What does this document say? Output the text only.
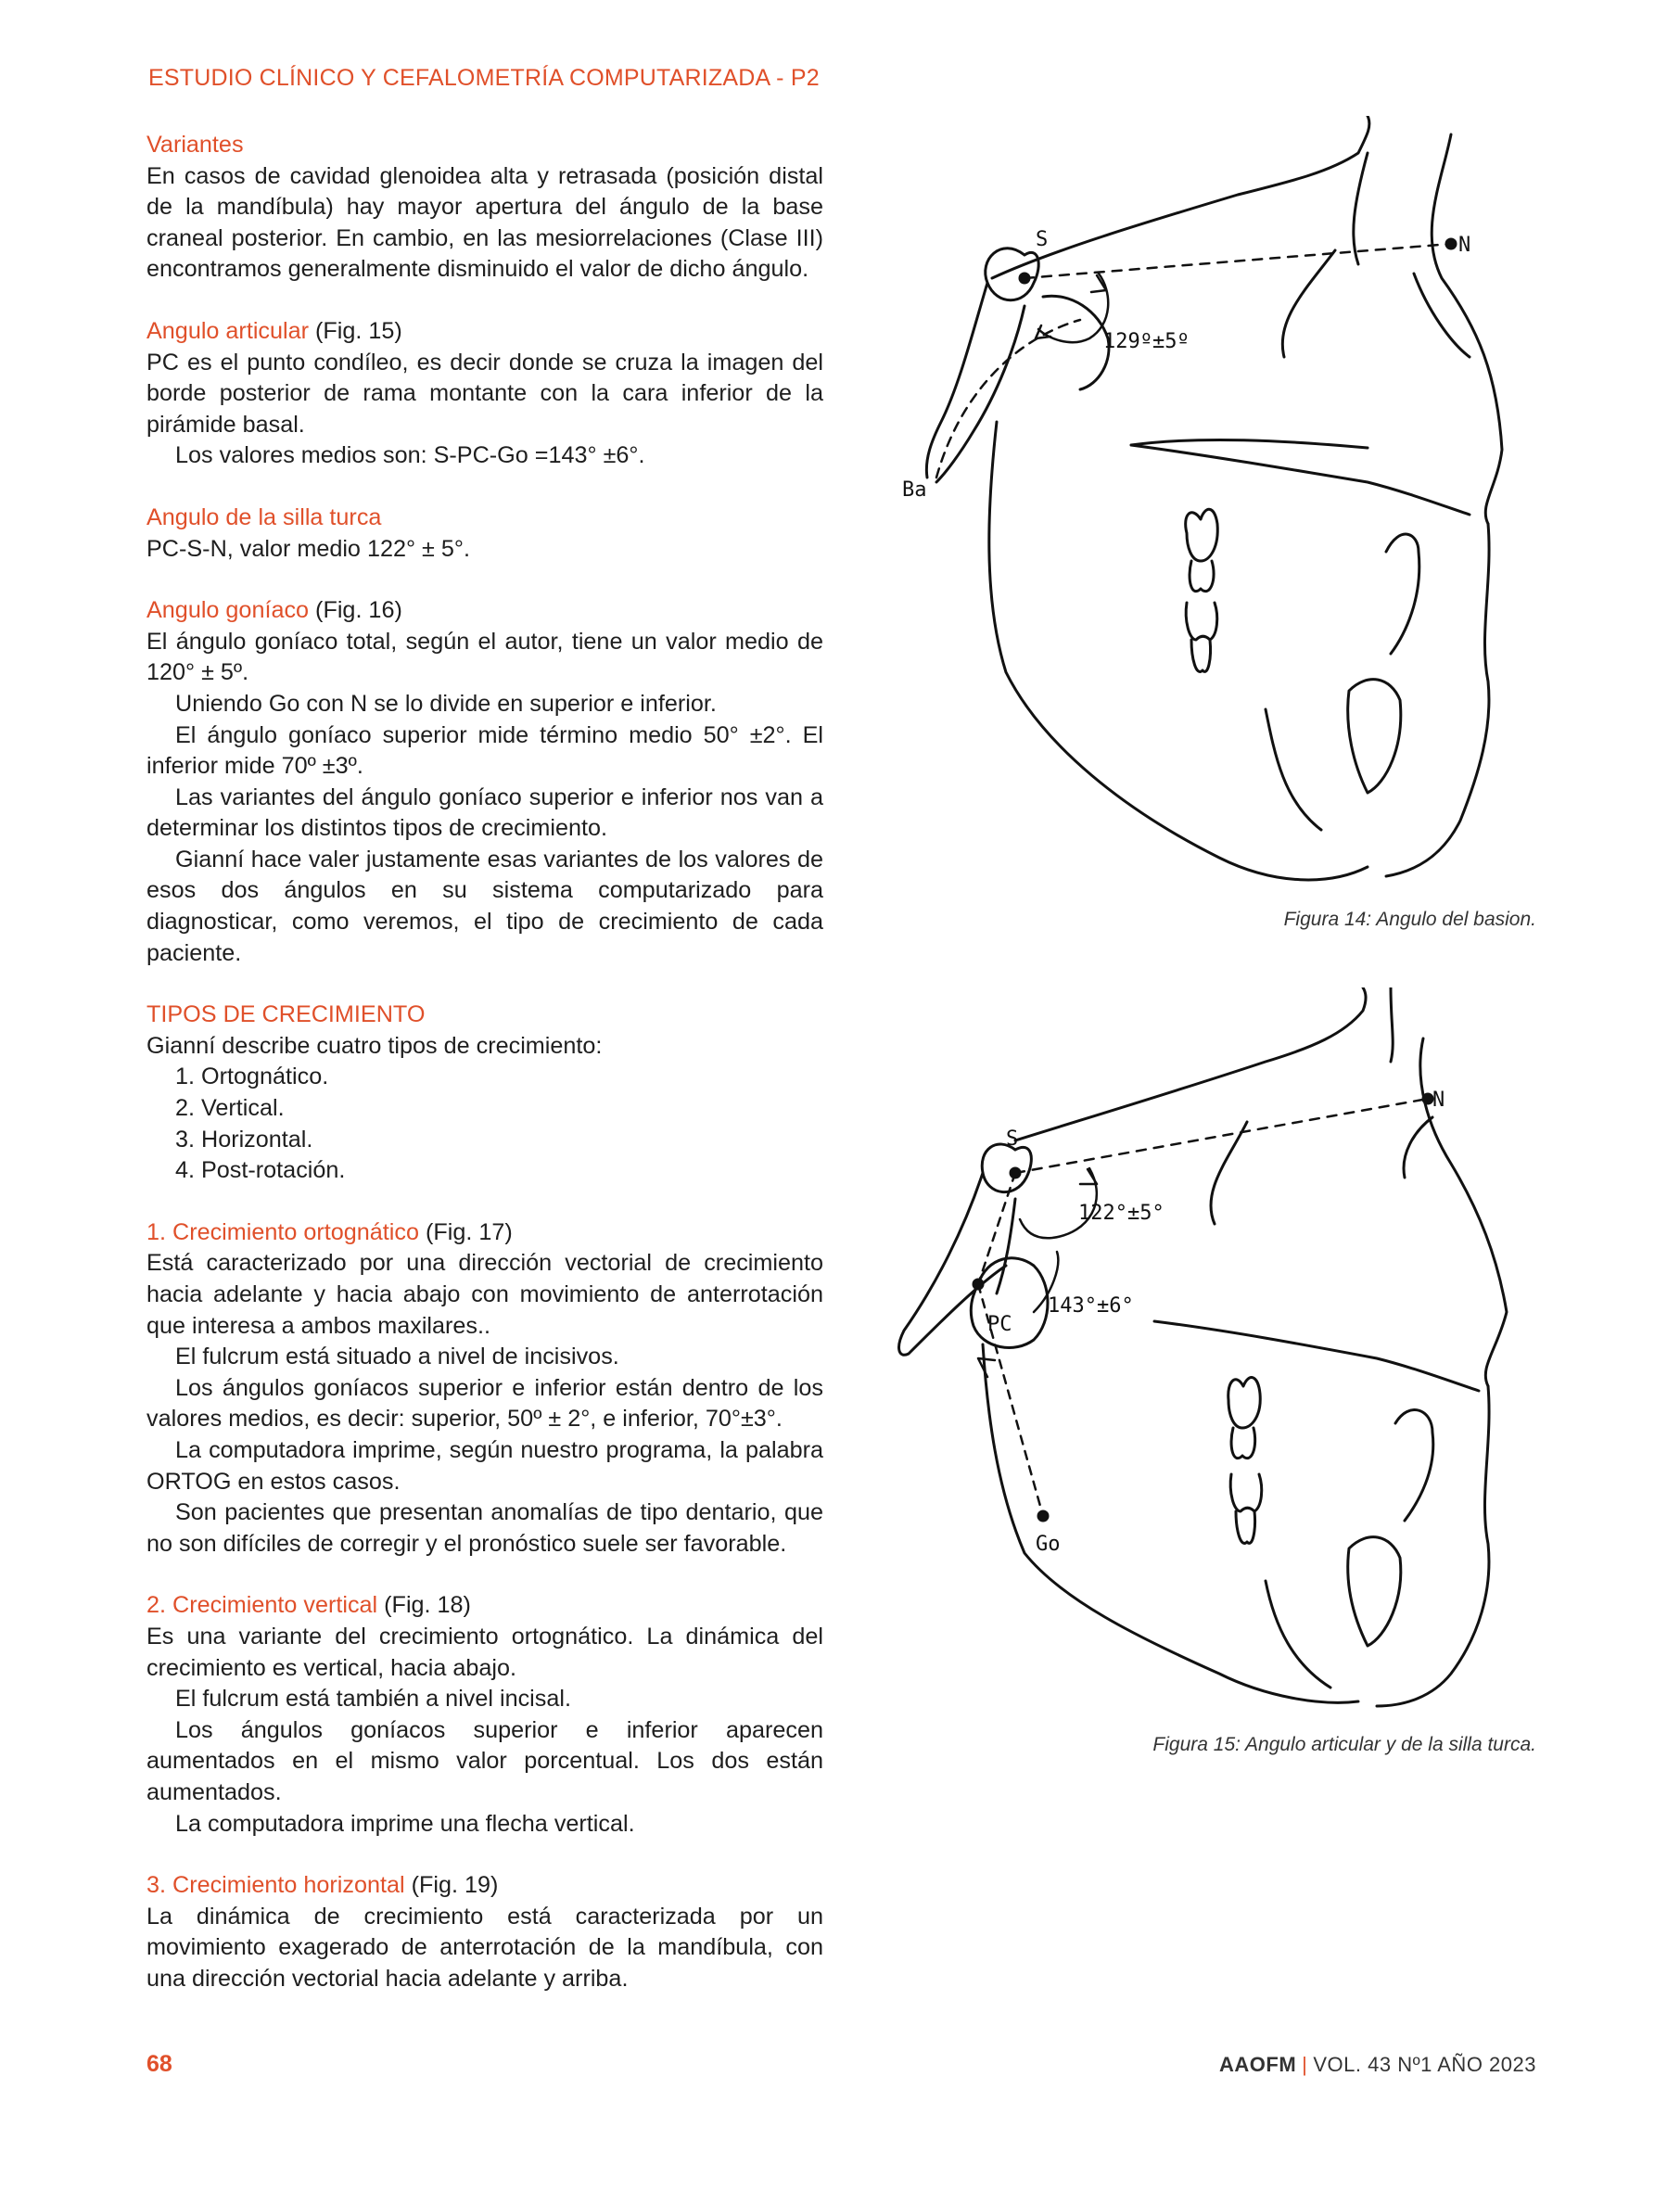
ESTUDIO CLÍNICO Y CEFALOMETRÍA COMPUTARIZADA - P2

Variantes

En casos de cavidad glenoidea alta y retrasada (posición distal de la mandíbula) hay mayor apertura del ángulo de la base craneal posterior. En cambio, en las mesiorrelaciones (Clase III) encontramos generalmente disminuido el valor de dicho ángulo.

Angulo articular (Fig. 15)

PC es el punto condíleo, es decir donde se cruza la imagen del borde posterior de rama montante con la cara inferior de la pirámide basal.

Los valores medios son: S-PC-Go =143° ±6°.

Angulo de la silla turca

PC-S-N, valor medio 122° ± 5°.

Angulo goníaco (Fig. 16)

El ángulo goníaco total, según el autor, tiene un valor medio de 120° ± 5º.

Uniendo Go con N se lo divide en superior e inferior.

El ángulo goníaco superior mide término medio 50° ±2°. El inferior mide 70º ±3º.

Las variantes del ángulo goníaco superior e inferior nos van a determinar los distintos tipos de crecimiento.

Gianní hace valer justamente esas variantes de los valores de esos dos ángulos en su sistema computarizado para diagnosticar, como veremos, el tipo de crecimiento de cada paciente.

TIPOS DE CRECIMIENTO

Gianní describe cuatro tipos de crecimiento:

1. Ortognático.

2. Vertical.

3. Horizontal.

4. Post-rotación.

1. Crecimiento ortognático (Fig. 17)

Está caracterizado por una dirección vectorial de crecimiento hacia adelante y hacia abajo con movimiento de anterrotación que interesa a ambos maxilares..

El fulcrum está situado a nivel de incisivos.

Los ángulos goníacos superior e inferior están dentro de los valores medios, es decir: superior, 50º ± 2°, e inferior, 70°±3°.

La computadora imprime, según nuestro programa, la palabra ORTOG en estos casos.

Son pacientes que presentan anomalías de tipo dentario, que no son difíciles de corregir y el pronóstico suele ser favorable.

2. Crecimiento vertical (Fig. 18)

Es una variante del crecimiento ortognático. La dinámica del crecimiento es vertical, hacia abajo.

El fulcrum está también a nivel incisal.

Los ángulos goníacos superior e inferior aparecen aumentados en el mismo valor porcentual. Los dos están aumentados.

La computadora imprime una flecha vertical.

3. Crecimiento horizontal (Fig. 19)

La dinámica de crecimiento está caracterizada por un movimiento exagerado de anterrotación de la mandíbula, con una dirección vectorial hacia adelante y arriba.

S	N
Ba
129º±5º
Figura 14: Angulo del basion.
S
N
PC
Go
122°±5°
143°±6°
Figura 15: Angulo articular y de la silla turca.
68	AAOFM | VOL. 43 Nº1 AÑO 2023
